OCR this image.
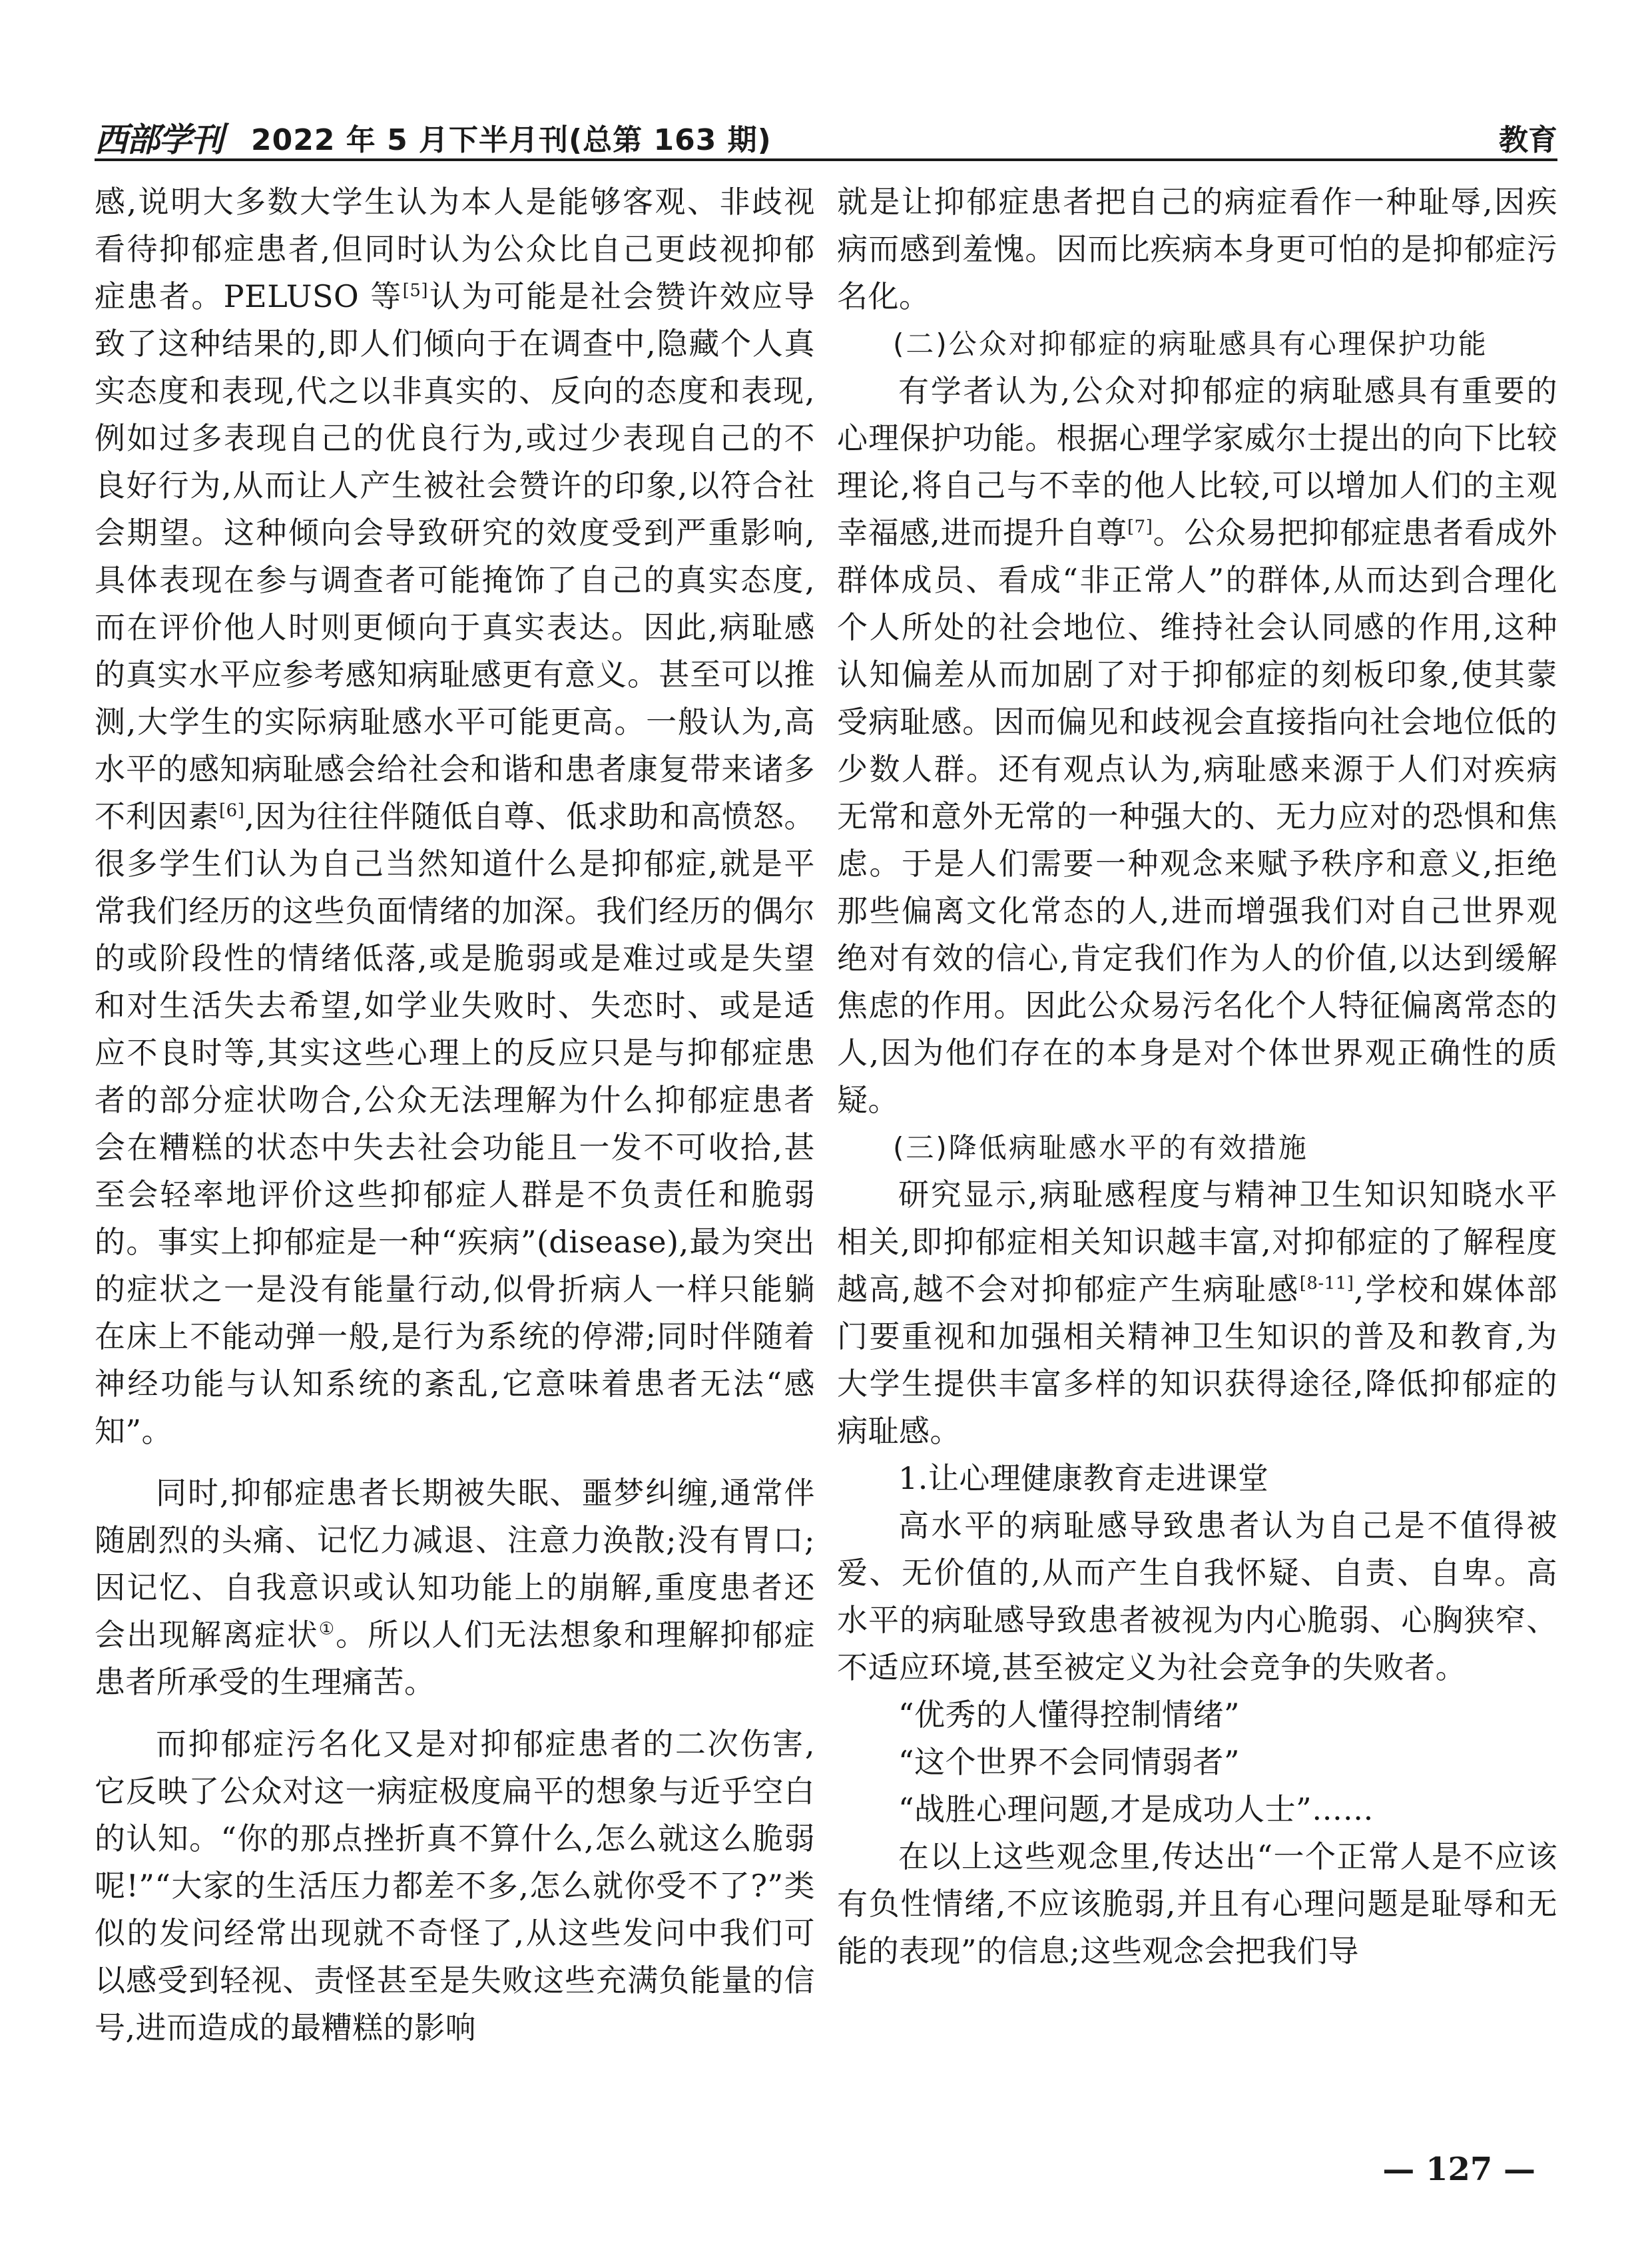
西部学刊 2022 年 5 月下半月刊(总第 163 期)	教育

感,说明大多数大学生认为本人是能够客观、非歧视看待抑郁症患者,但同时认为公众比自己更歧视抑郁症患者。PELUSO 等[5]认为可能是社会赞许效应导致了这种结果的,即人们倾向于在调查中,隐藏个人真实态度和表现,代之以非真实的、反向的态度和表现,例如过多表现自己的优良行为,或过少表现自己的不良好行为,从而让人产生被社会赞许的印象,以符合社会期望。这种倾向会导致研究的效度受到严重影响,具体表现在参与调查者可能掩饰了自己的真实态度,而在评价他人时则更倾向于真实表达。因此,病耻感的真实水平应参考感知病耻感更有意义。甚至可以推测,大学生的实际病耻感水平可能更高。一般认为,高水平的感知病耻感会给社会和谐和患者康复带来诸多不利因素[6],因为往往伴随低自尊、低求助和高愤怒。很多学生们认为自己当然知道什么是抑郁症,就是平常我们经历的这些负面情绪的加深。我们经历的偶尔的或阶段性的情绪低落,或是脆弱或是难过或是失望和对生活失去希望,如学业失败时、失恋时、或是适应不良时等,其实这些心理上的反应只是与抑郁症患者的部分症状吻合,公众无法理解为什么抑郁症患者会在糟糕的状态中失去社会功能且一发不可收拾,甚至会轻率地评价这些抑郁症人群是不负责任和脆弱的。事实上抑郁症是一种“疾病”(disease),最为突出的症状之一是没有能量行动,似骨折病人一样只能躺在床上不能动弹一般,是行为系统的停滞;同时伴随着神经功能与认知系统的紊乱,它意味着患者无法“感知”。

同时,抑郁症患者长期被失眠、噩梦纠缠,通常伴随剧烈的头痛、记忆力减退、注意力涣散;没有胃口;因记忆、自我意识或认知功能上的崩解,重度患者还会出现解离症状①。所以人们无法想象和理解抑郁症患者所承受的生理痛苦。

而抑郁症污名化又是对抑郁症患者的二次伤害,它反映了公众对这一病症极度扁平的想象与近乎空白的认知。“你的那点挫折真不算什么,怎么就这么脆弱呢!”“大家的生活压力都差不多,怎么就你受不了?”类似的发问经常出现就不奇怪了,从这些发问中我们可以感受到轻视、责怪甚至是失败这些充满负能量的信号,进而造成的最糟糕的影响

就是让抑郁症患者把自己的病症看作一种耻辱,因疾病而感到羞愧。因而比疾病本身更可怕的是抑郁症污名化。

(二)公众对抑郁症的病耻感具有心理保护功能

有学者认为,公众对抑郁症的病耻感具有重要的心理保护功能。根据心理学家威尔士提出的向下比较理论,将自己与不幸的他人比较,可以增加人们的主观幸福感,进而提升自尊[7]。公众易把抑郁症患者看成外群体成员、看成“非正常人”的群体,从而达到合理化个人所处的社会地位、维持社会认同感的作用,这种认知偏差从而加剧了对于抑郁症的刻板印象,使其蒙受病耻感。因而偏见和歧视会直接指向社会地位低的少数人群。还有观点认为,病耻感来源于人们对疾病无常和意外无常的一种强大的、无力应对的恐惧和焦虑。于是人们需要一种观念来赋予秩序和意义,拒绝那些偏离文化常态的人,进而增强我们对自己世界观绝对有效的信心,肯定我们作为人的价值,以达到缓解焦虑的作用。因此公众易污名化个人特征偏离常态的人,因为他们存在的本身是对个体世界观正确性的质疑。

(三)降低病耻感水平的有效措施

研究显示,病耻感程度与精神卫生知识知晓水平相关,即抑郁症相关知识越丰富,对抑郁症的了解程度越高,越不会对抑郁症产生病耻感[8-11],学校和媒体部门要重视和加强相关精神卫生知识的普及和教育,为大学生提供丰富多样的知识获得途径,降低抑郁症的病耻感。

1.让心理健康教育走进课堂

高水平的病耻感导致患者认为自己是不值得被爱、无价值的,从而产生自我怀疑、自责、自卑。高水平的病耻感导致患者被视为内心脆弱、心胸狭窄、不适应环境,甚至被定义为社会竞争的失败者。

“优秀的人懂得控制情绪”

“这个世界不会同情弱者”

“战胜心理问题,才是成功人士”……

在以上这些观念里,传达出“一个正常人是不应该有负性情绪,不应该脆弱,并且有心理问题是耻辱和无能的表现”的信息;这些观念会把我们导

— 127 —
